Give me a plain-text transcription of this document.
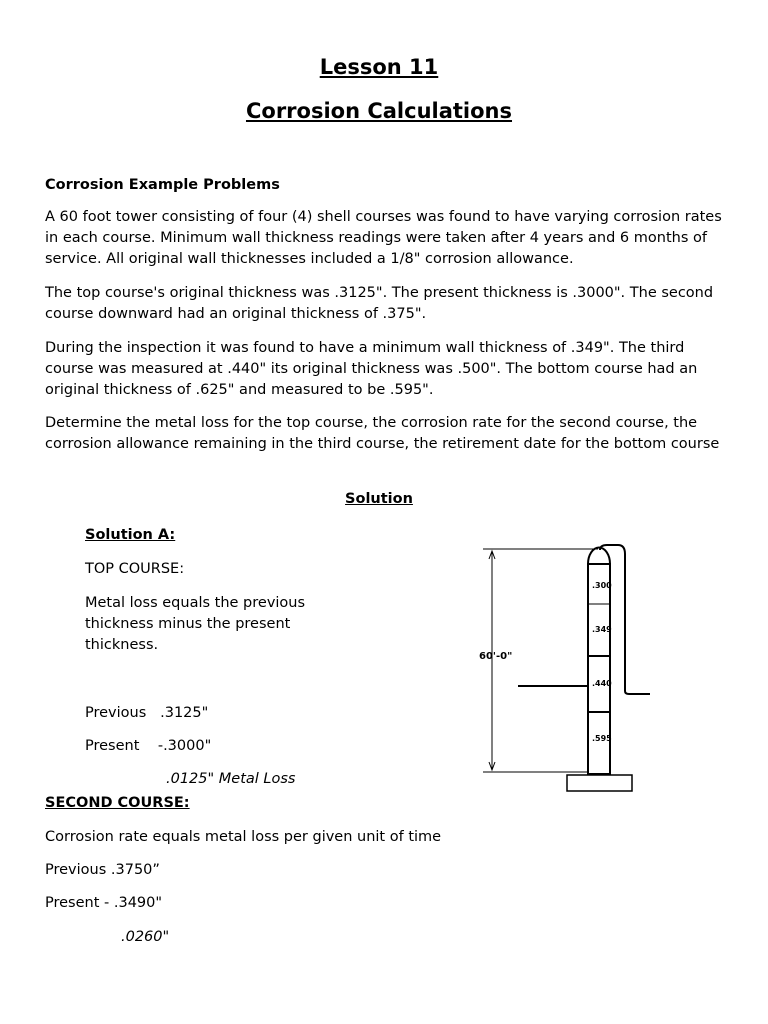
Lesson 11
Corrosion Calculations
Corrosion Example Problems
A 60 foot tower consisting of four (4) shell courses was found to have varying corrosion rates in each course. Minimum wall thickness readings were taken after 4 years and 6 months of service. All original wall thicknesses included a 1/8" corrosion allowance.
The top course's original thickness was .3125". The present thickness is .3000". The second course downward had an original thickness of .375".
During the inspection it was found to have a minimum wall thickness of .349". The third course was measured at .440" its original thickness was .500". The bottom course had an original thickness of .625" and measured to be .595".
Determine the metal loss for the top course, the corrosion rate for the second course, the corrosion allowance remaining in the third course, the retirement date for the bottom course
Solution
Solution A:
TOP COURSE:
Metal loss equals the previous thickness minus the present thickness.
Previous   .3125"
Present    -.3000"
.0125" Metal Loss
SECOND COURSE:
Corrosion rate equals metal loss per given unit of time
Previous .3750”
Present - .3490"
.0260"
60'-0"
.300
.349
.440
.595
